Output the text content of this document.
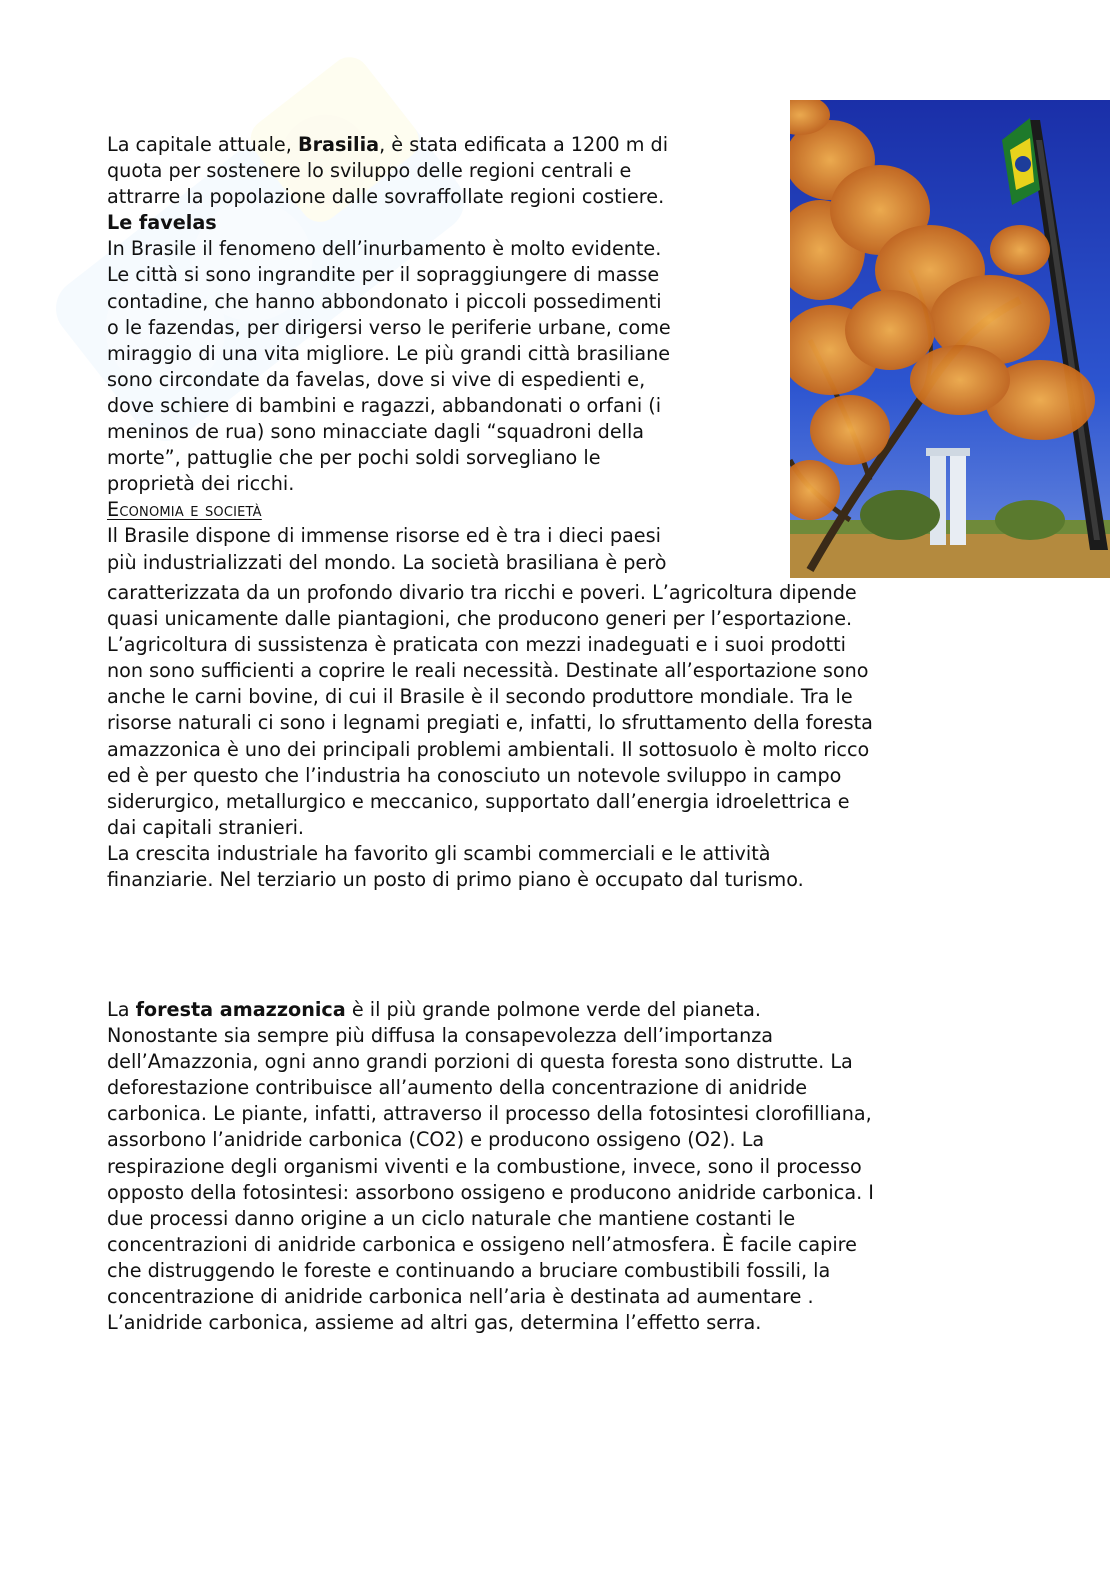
La capitale attuale, Brasilia, è stata edificata a 1200 m di

quota per sostenere lo sviluppo delle regioni centrali e

attrarre la popolazione dalle sovraffollate regioni costiere.

Le favelas

In Brasile il fenomeno dell’inurbamento è molto evidente.

Le città si sono ingrandite per il sopraggiungere di masse

contadine, che hanno abbondonato i piccoli possedimenti

o le fazendas, per dirigersi verso le periferie urbane, come

miraggio di una vita migliore. Le più grandi città brasiliane

sono circondate da favelas, dove si vive di espedienti e,

dove schiere di bambini e ragazzi, abbandonati o orfani (i

meninos de rua) sono minacciate dagli “squadroni della

morte”, pattuglie che per pochi soldi sorvegliano le

proprietà dei ricchi.

Economia e società

Il Brasile dispone di immense risorse ed è tra i dieci paesi

più industrializzati del mondo. La società brasiliana è però

caratterizzata da un profondo divario tra ricchi e poveri. L’agricoltura dipende

quasi unicamente dalle piantagioni, che producono generi per l’esportazione.

L’agricoltura di sussistenza è praticata con mezzi inadeguati e i suoi prodotti

non sono sufficienti a coprire le reali necessità. Destinate all’esportazione sono

anche le carni bovine, di cui il Brasile è il secondo produttore mondiale. Tra le

risorse naturali ci sono i legnami pregiati e, infatti, lo sfruttamento della foresta

amazzonica è uno dei principali problemi ambientali. Il sottosuolo è molto ricco

ed è per questo che l’industria ha conosciuto un notevole sviluppo in campo

siderurgico, metallurgico e meccanico, supportato dall’energia idroelettrica e

dai capitali stranieri.

La crescita industriale ha favorito gli scambi commerciali e le attività

finanziarie. Nel terziario un posto di primo piano è occupato dal turismo.

La foresta amazzonica è il più grande polmone verde del pianeta.

Nonostante sia sempre più diffusa la consapevolezza dell’importanza

dell’Amazzonia, ogni anno grandi porzioni di questa foresta sono distrutte. La

deforestazione contribuisce all’aumento della concentrazione di anidride

carbonica. Le piante, infatti, attraverso il processo della fotosintesi clorofilliana,

assorbono l’anidride carbonica (CO2) e producono ossigeno (O2). La

respirazione degli organismi viventi e la combustione, invece, sono il processo

opposto della fotosintesi: assorbono ossigeno e producono anidride carbonica. I

due processi danno origine a un ciclo naturale che mantiene costanti le

concentrazioni di anidride carbonica e ossigeno nell’atmosfera. È facile capire

che distruggendo le foreste e continuando a bruciare combustibili fossili, la

concentrazione di anidride carbonica nell’aria è destinata ad aumentare .

L’anidride carbonica, assieme ad altri gas, determina l’effetto serra.
